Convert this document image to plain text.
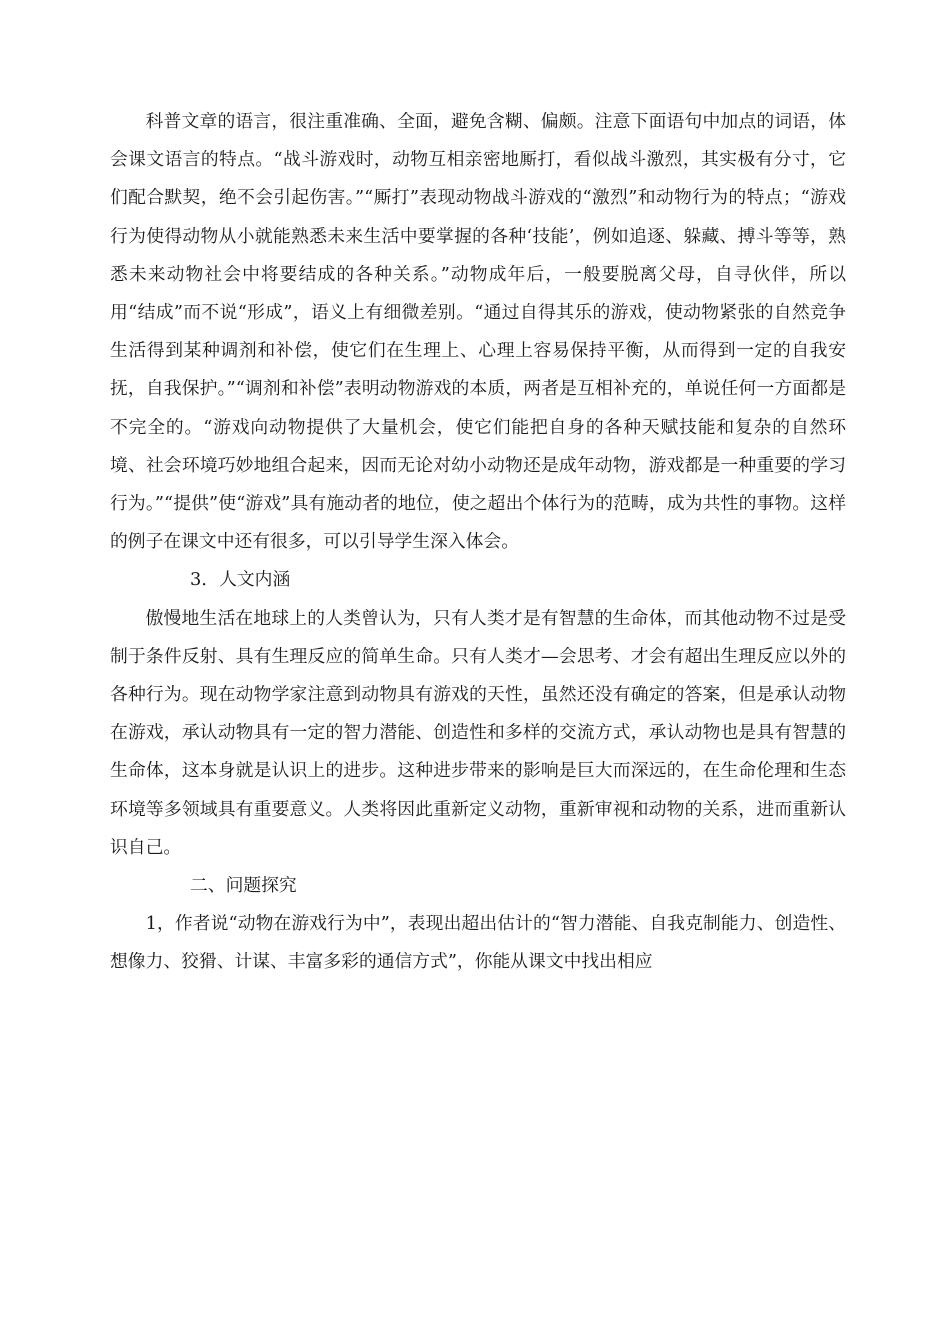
科普文章的语言，很注重准确、全面，避免含糊、偏颇。注意下面语句中加点的词语，体会课文语言的特点。“战斗游戏时，动物互相亲密地厮打，看似战斗激烈，其实极有分寸，它们配合默契，绝不会引起伤害。”“厮打”表现动物战斗游戏的“激烈”和动物行为的特点；“游戏行为使得动物从小就能熟悉未来生活中要掌握的各种‘技能’，例如追逐、躲藏、搏斗等等，熟悉未来动物社会中将要结成的各种关系。”动物成年后，一般要脱离父母，自寻伙伴，所以用“结成”而不说“形成”，语义上有细微差别。“通过自得其乐的游戏，使动物紧张的自然竞争生活得到某种调剂和补偿，使它们在生理上、心理上容易保持平衡，从而得到一定的自我安抚，自我保护。”“调剂和补偿”表明动物游戏的本质，两者是互相补充的，单说任何一方面都是不完全的。“游戏向动物提供了大量机会，使它们能把自身的各种天赋技能和复杂的自然环境、社会环境巧妙地组合起来，因而无论对幼小动物还是成年动物，游戏都是一种重要的学习行为。”“提供”使“游戏”具有施动者的地位，使之超出个体行为的范畴，成为共性的事物。这样的例子在课文中还有很多，可以引导学生深入体会。

3．人文内涵

傲慢地生活在地球上的人类曾认为，只有人类才是有智慧的生命体，而其他动物不过是受制于条件反射、具有生理反应的简单生命。只有人类才—会思考、才会有超出生理反应以外的各种行为。现在动物学家注意到动物具有游戏的天性，虽然还没有确定的答案，但是承认动物在游戏，承认动物具有一定的智力潜能、创造性和多样的交流方式，承认动物也是具有智慧的生命体，这本身就是认识上的进步。这种进步带来的影响是巨大而深远的，在生命伦理和生态环境等多领域具有重要意义。人类将因此重新定义动物，重新审视和动物的关系，进而重新认识自己。

二、问题探究

1，作者说“动物在游戏行为中”，表现出超出估计的“智力潜能、自我克制能力、创造性、想像力、狡猾、计谋、丰富多彩的通信方式”，你能从课文中找出相应
